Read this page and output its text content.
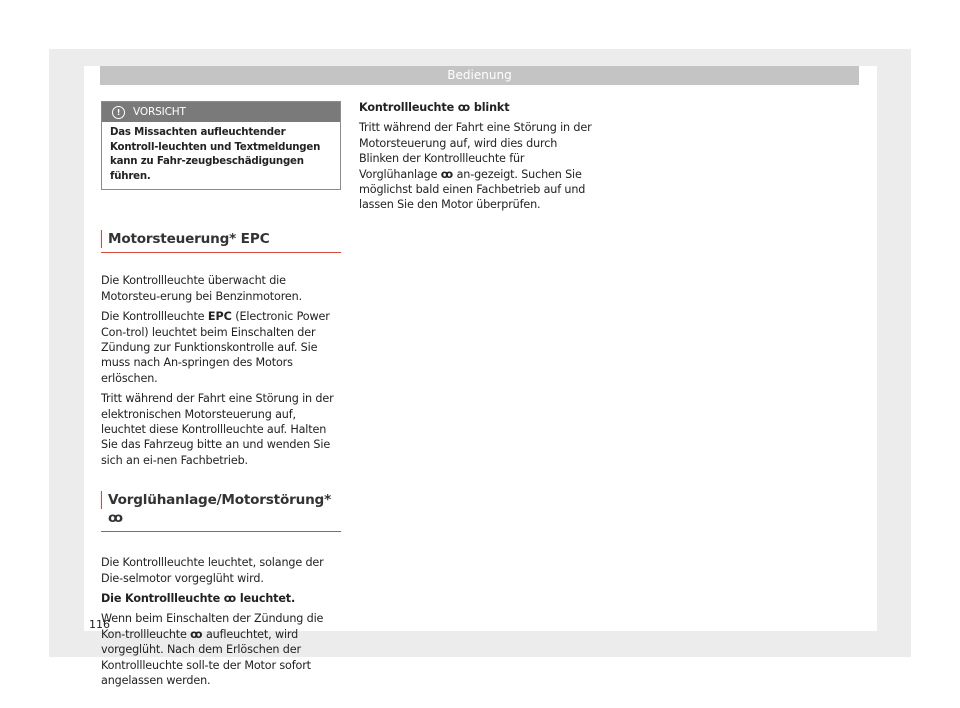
Bedienung
!	VORSICHT
Das Missachten aufleuchtender Kontroll-leuchten und Textmeldungen kann zu Fahr-zeugbeschädigungen führen.
Motorsteuerung* EPC

Die Kontrollleuchte überwacht die Motorsteu-erung bei Benzinmotoren.

Die Kontrollleuchte EPC (Electronic Power Con-trol) leuchtet beim Einschalten der Zündung zur Funktionskontrolle auf. Sie muss nach An-springen des Motors erlöschen.

Tritt während der Fahrt eine Störung in der elektronischen Motorsteuerung auf, leuchtet diese Kontrollleuchte auf. Halten Sie das Fahrzeug bitte an und wenden Sie sich an ei-nen Fachbetrieb.

Vorglühanlage/Motorstörung* ꝏ

Die Kontrollleuchte leuchtet, solange der Die-selmotor vorgeglüht wird.

Die Kontrollleuchte ꝏ leuchtet.

Wenn beim Einschalten der Zündung die Kon-trollleuchte ꝏ aufleuchtet, wird vorgeglüht. Nach dem Erlöschen der Kontrollleuchte soll-te der Motor sofort angelassen werden.

Kontrollleuchte ꝏ blinkt

Tritt während der Fahrt eine Störung in der Motorsteuerung auf, wird dies durch Blinken der Kontrollleuchte für Vorglühanlage ꝏ an-gezeigt. Suchen Sie möglichst bald einen Fachbetrieb auf und lassen Sie den Motor überprüfen.

116
